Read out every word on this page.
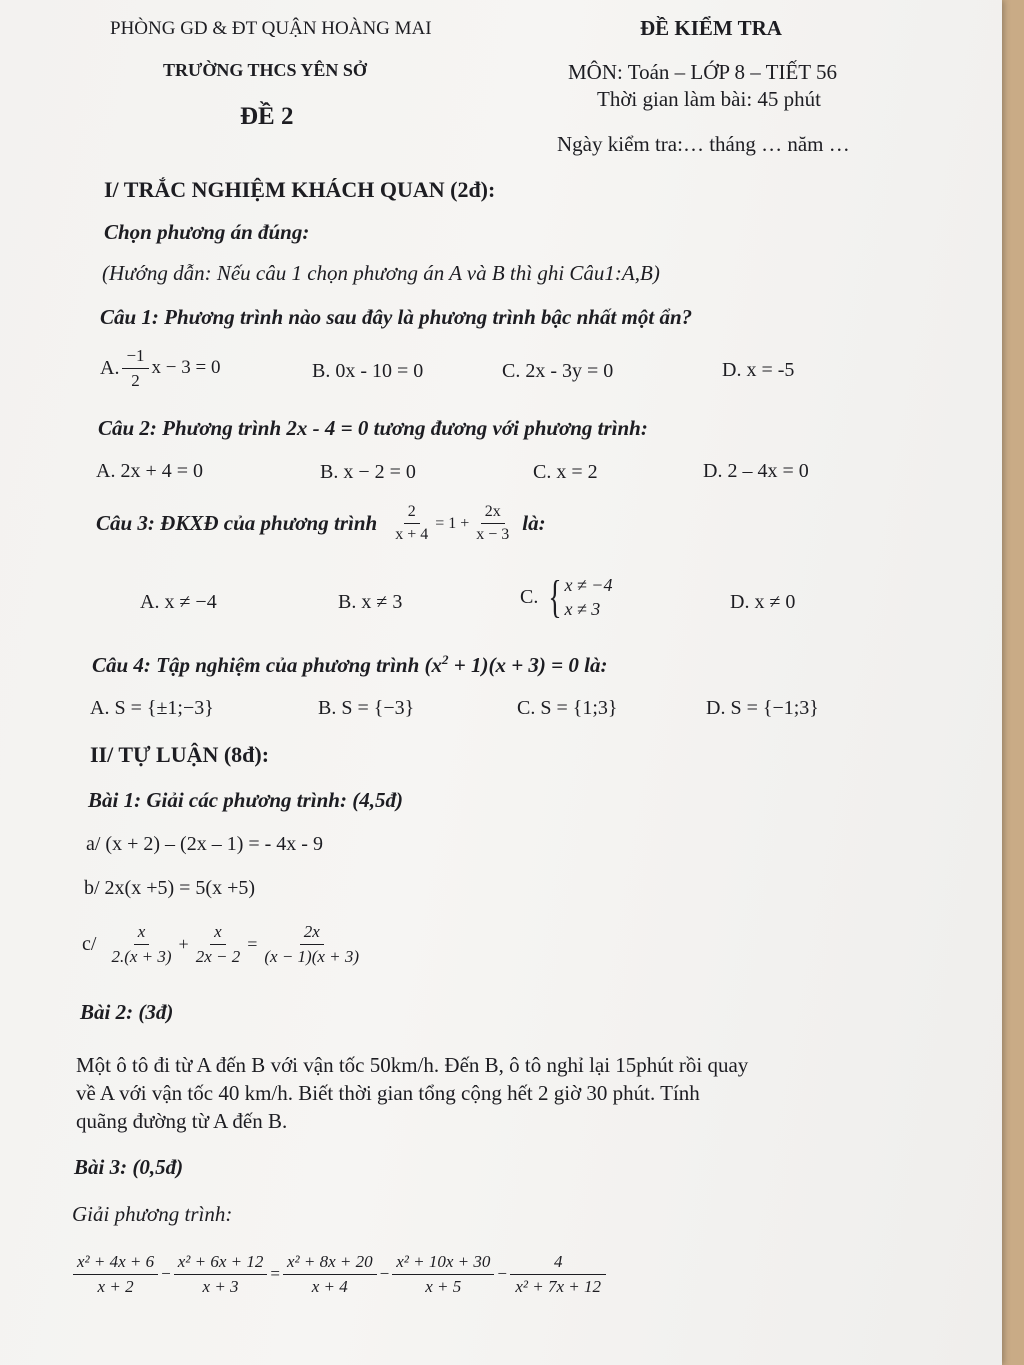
PHÒNG GD & ĐT QUẬN HOÀNG MAI	ĐỀ KIỂM TRA
TRƯỜNG THCS YÊN SỞ	MÔN: Toán – LỚP 8 – TIẾT 56
Thời gian làm bài: 45 phút
ĐỀ 2
Ngày kiểm tra:… tháng … năm …
I/ TRẮC NGHIỆM KHÁCH QUAN (2đ):
Chọn phương án đúng:
(Hướng dẫn: Nếu câu 1 chọn phương án A và B thì ghi Câu1:A,B)
Câu 1: Phương trình nào sau đây là phương trình bậc nhất một ẩn?
A. $\frac{-1}{2}$ x − 3 = 0	B. 0x - 10 = 0	C. 2x - 3y = 0	D. x = -5
Câu 2: Phương trình 2x - 4 = 0 tương đương với phương trình:
A. 2x + 4 = 0	B. x − 2 = 0	C. x = 2	D. 2 – 4x = 0
Câu 3: ĐKXĐ của phương trình $\frac{2}{x + 4} = 1 + \frac{2x}{x - 3}$ là:
A. x ≠ −4	B. x ≠ 3	C. { x ≠ −4
x ≠ 3	D. x ≠ 0
Câu 4: Tập nghiệm của phương trình $(x^2 + 1)(x + 3) = 0$ là:
A. S = {±1;−3}	B. S = {−3}	C. S = {1;3}	D. S = {−1;3}
II/ TỰ LUẬN (8đ):
Bài 1: Giải các phương trình: (4,5đ)
a/ (x + 2) – (2x – 1) = - 4x - 9
b/ 2x(x +5) = 5(x +5)
$c/ \frac{x}{2.(x + 3)} + \frac{x}{2x - 2} = \frac{2x}{(x - 1)(x + 3)}$
Bài 2: (3đ)
Một ô tô đi từ A đến B với vận tốc 50km/h. Đến B, ô tô nghỉ lại 15phút rồi quay
về A với vận tốc 40 km/h. Biết thời gian tổng cộng hết 2 giờ 30 phút. Tính
quãng đường từ A đến B.
Bài 3: (0,5đ)
Giải phương trình:
$\frac{\text{x² + 4x + 6}}{x + 2} - \frac{\text{x² + 6x + 12}}{x + 3} = \frac{\text{x² + 8x + 20}}{x + 4} - \frac{\text{x² + 10x + 30}}{x + 5} - \frac{4}{\text{x² + 7x + 12}}$
